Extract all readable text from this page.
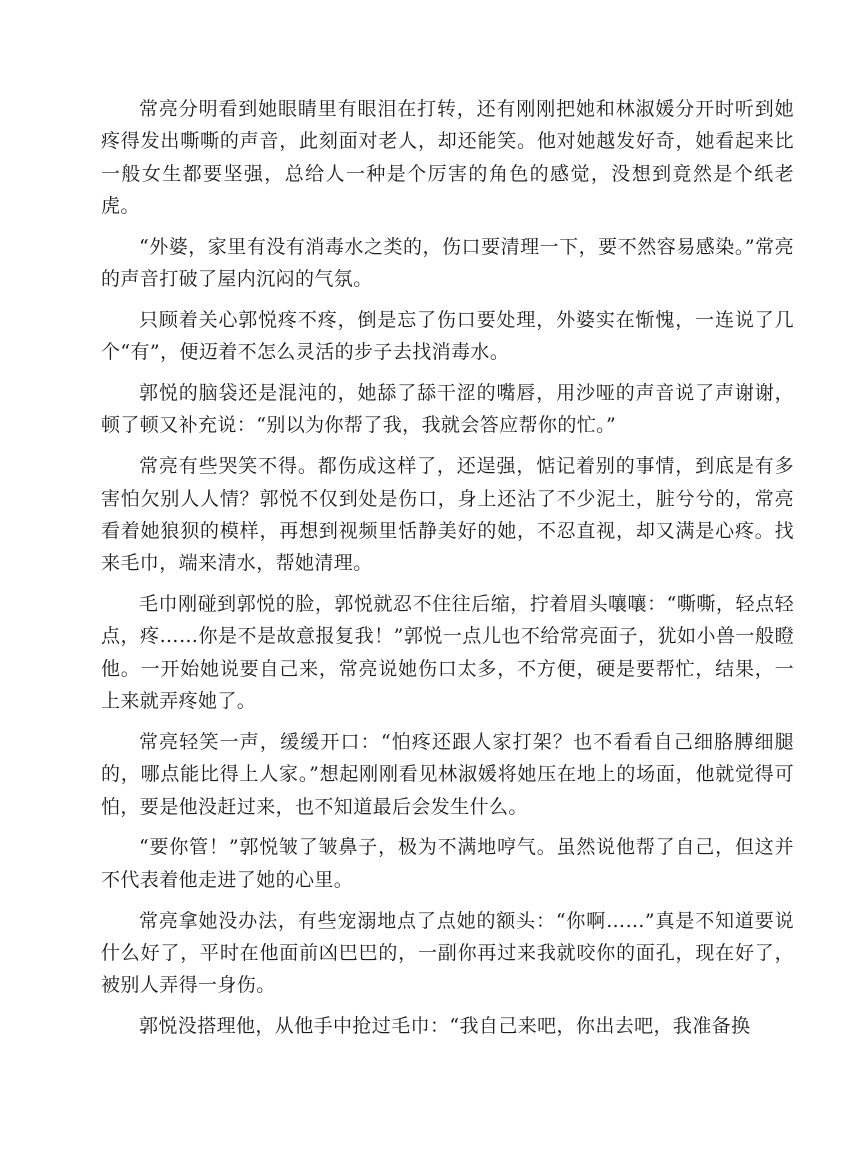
常亮分明看到她眼睛里有眼泪在打转，还有刚刚把她和林淑媛分开时听到她疼得发出嘶嘶的声音，此刻面对老人，却还能笑。他对她越发好奇，她看起来比一般女生都要坚强，总给人一种是个厉害的角色的感觉，没想到竟然是个纸老虎。

“外婆，家里有没有消毒水之类的，伤口要清理一下，要不然容易感染。”常亮的声音打破了屋内沉闷的气氛。

只顾着关心郭悦疼不疼，倒是忘了伤口要处理，外婆实在惭愧，一连说了几个“有”，便迈着不怎么灵活的步子去找消毒水。

郭悦的脑袋还是混沌的，她舔了舔干涩的嘴唇，用沙哑的声音说了声谢谢，顿了顿又补充说：“别以为你帮了我，我就会答应帮你的忙。”

常亮有些哭笑不得。都伤成这样了，还逞强，惦记着别的事情，到底是有多害怕欠别人人情？郭悦不仅到处是伤口，身上还沾了不少泥土，脏兮兮的，常亮看着她狼狈的模样，再想到视频里恬静美好的她，不忍直视，却又满是心疼。找来毛巾，端来清水，帮她清理。

毛巾刚碰到郭悦的脸，郭悦就忍不住往后缩，拧着眉头嚷嚷：“嘶嘶，轻点轻点，疼……你是不是故意报复我！”郭悦一点儿也不给常亮面子，犹如小兽一般瞪他。一开始她说要自己来，常亮说她伤口太多，不方便，硬是要帮忙，结果，一上来就弄疼她了。

常亮轻笑一声，缓缓开口：“怕疼还跟人家打架？也不看看自己细胳膊细腿的，哪点能比得上人家。”想起刚刚看见林淑媛将她压在地上的场面，他就觉得可怕，要是他没赶过来，也不知道最后会发生什么。

“要你管！”郭悦皱了皱鼻子，极为不满地哼气。虽然说他帮了自己，但这并不代表着他走进了她的心里。

常亮拿她没办法，有些宠溺地点了点她的额头：“你啊……”真是不知道要说什么好了，平时在他面前凶巴巴的，一副你再过来我就咬你的面孔，现在好了，被别人弄得一身伤。

郭悦没搭理他，从他手中抢过毛巾：“我自己来吧，你出去吧，我准备换
